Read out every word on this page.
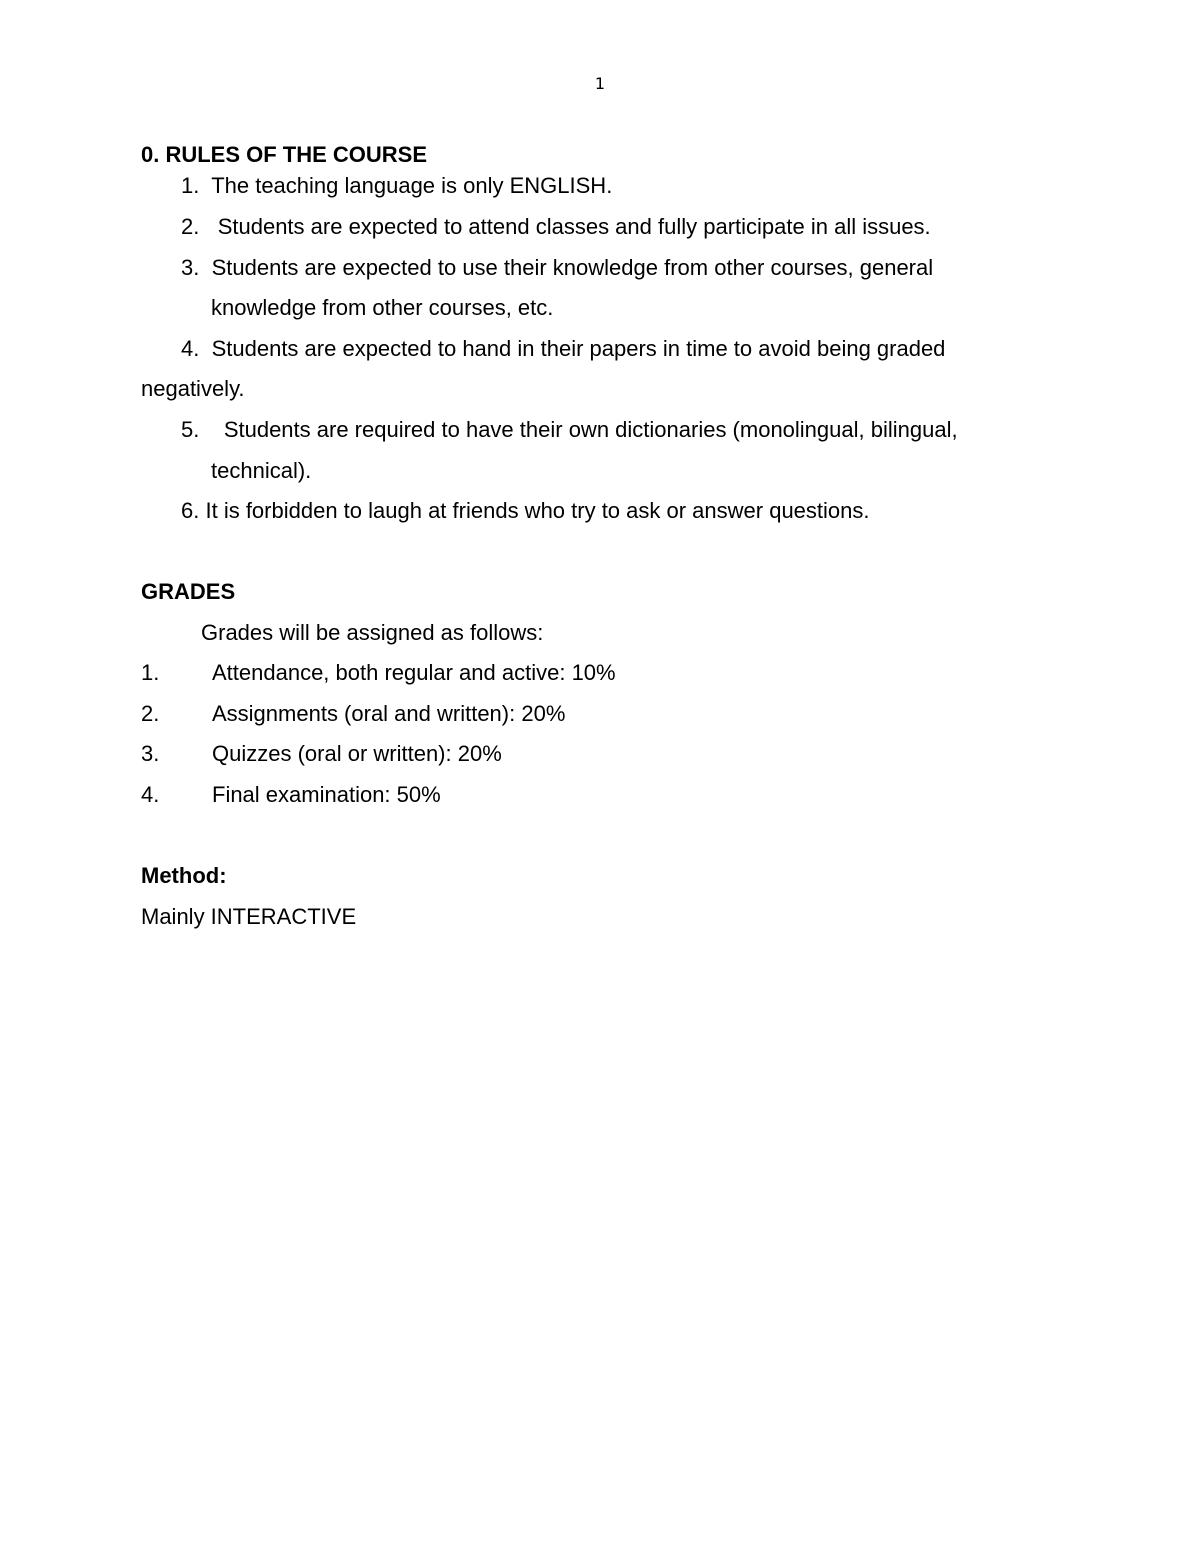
1
0. RULES OF THE COURSE
1. The teaching language is only ENGLISH.
2. Students are expected to attend classes and fully participate in all issues.
3. Students are expected to use their knowledge from other courses, general
knowledge from other courses, etc.
4. Students are expected to hand in their papers in time to avoid being graded
negatively.
5. Students are required to have their own dictionaries (monolingual, bilingual,
technical).
6. It is forbidden to laugh at friends who try to ask or answer questions.
GRADES
Grades will be assigned as follows:
1. Attendance, both regular and active: 10%
2. Assignments (oral and written): 20%
3. Quizzes (oral or written): 20%
4. Final examination: 50%
Method:
Mainly INTERACTIVE
